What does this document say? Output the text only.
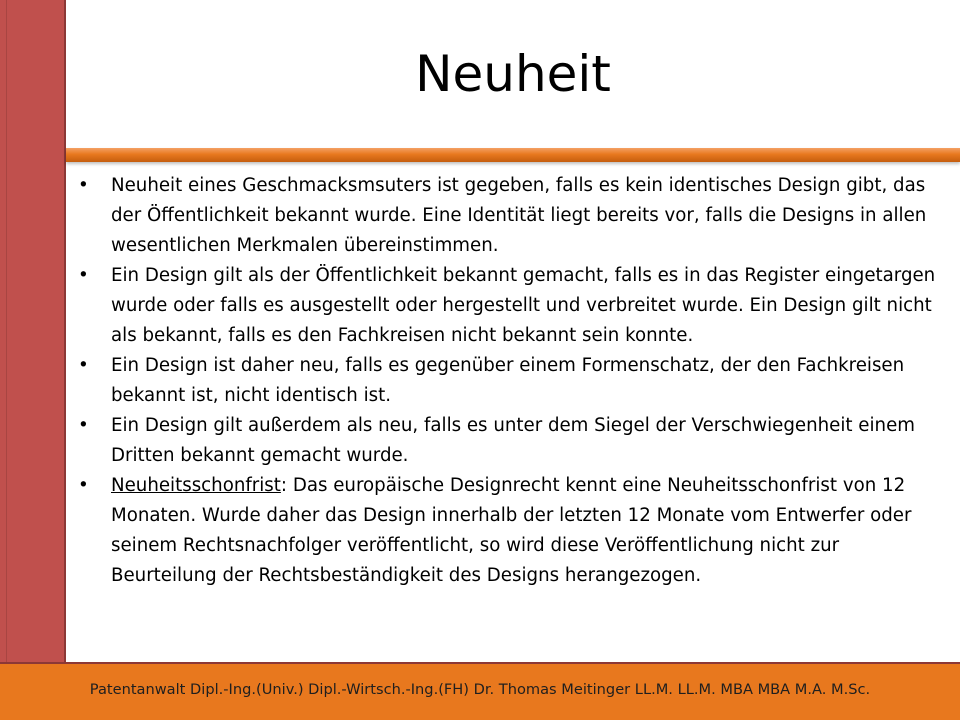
Neuheit
• Neuheit eines Geschmacksmsuters ist gegeben, falls es kein identisches Design gibt, das der Öffentlichkeit bekannt wurde. Eine Identität liegt bereits vor, falls die Designs in allen wesentlichen Merkmalen übereinstimmen.
• Ein Design gilt als der Öffentlichkeit bekannt gemacht, falls es in das Register eingetargen wurde oder falls es ausgestellt oder hergestellt und verbreitet wurde. Ein Design gilt nicht als bekannt, falls es den Fachkreisen nicht bekannt sein konnte.
• Ein Design ist daher neu, falls es gegenüber einem Formenschatz, der den Fachkreisen bekannt ist, nicht identisch ist.
• Ein Design gilt außerdem als neu, falls es unter dem Siegel der Verschwiegenheit einem Dritten bekannt gemacht wurde.
• Neuheitsschonfrist: Das europäische Designrecht kennt eine Neuheitsschonfrist von 12 Monaten. Wurde daher das Design innerhalb der letzten 12 Monate vom Entwerfer oder seinem Rechtsnachfolger veröffentlicht, so wird diese Veröffentlichung nicht zur Beurteilung der Rechtsbeständigkeit des Designs herangezogen.
Patentanwalt Dipl.-Ing.(Univ.) Dipl.-Wirtsch.-Ing.(FH) Dr. Thomas Meitinger LL.M. LL.M. MBA MBA M.A. M.Sc.
